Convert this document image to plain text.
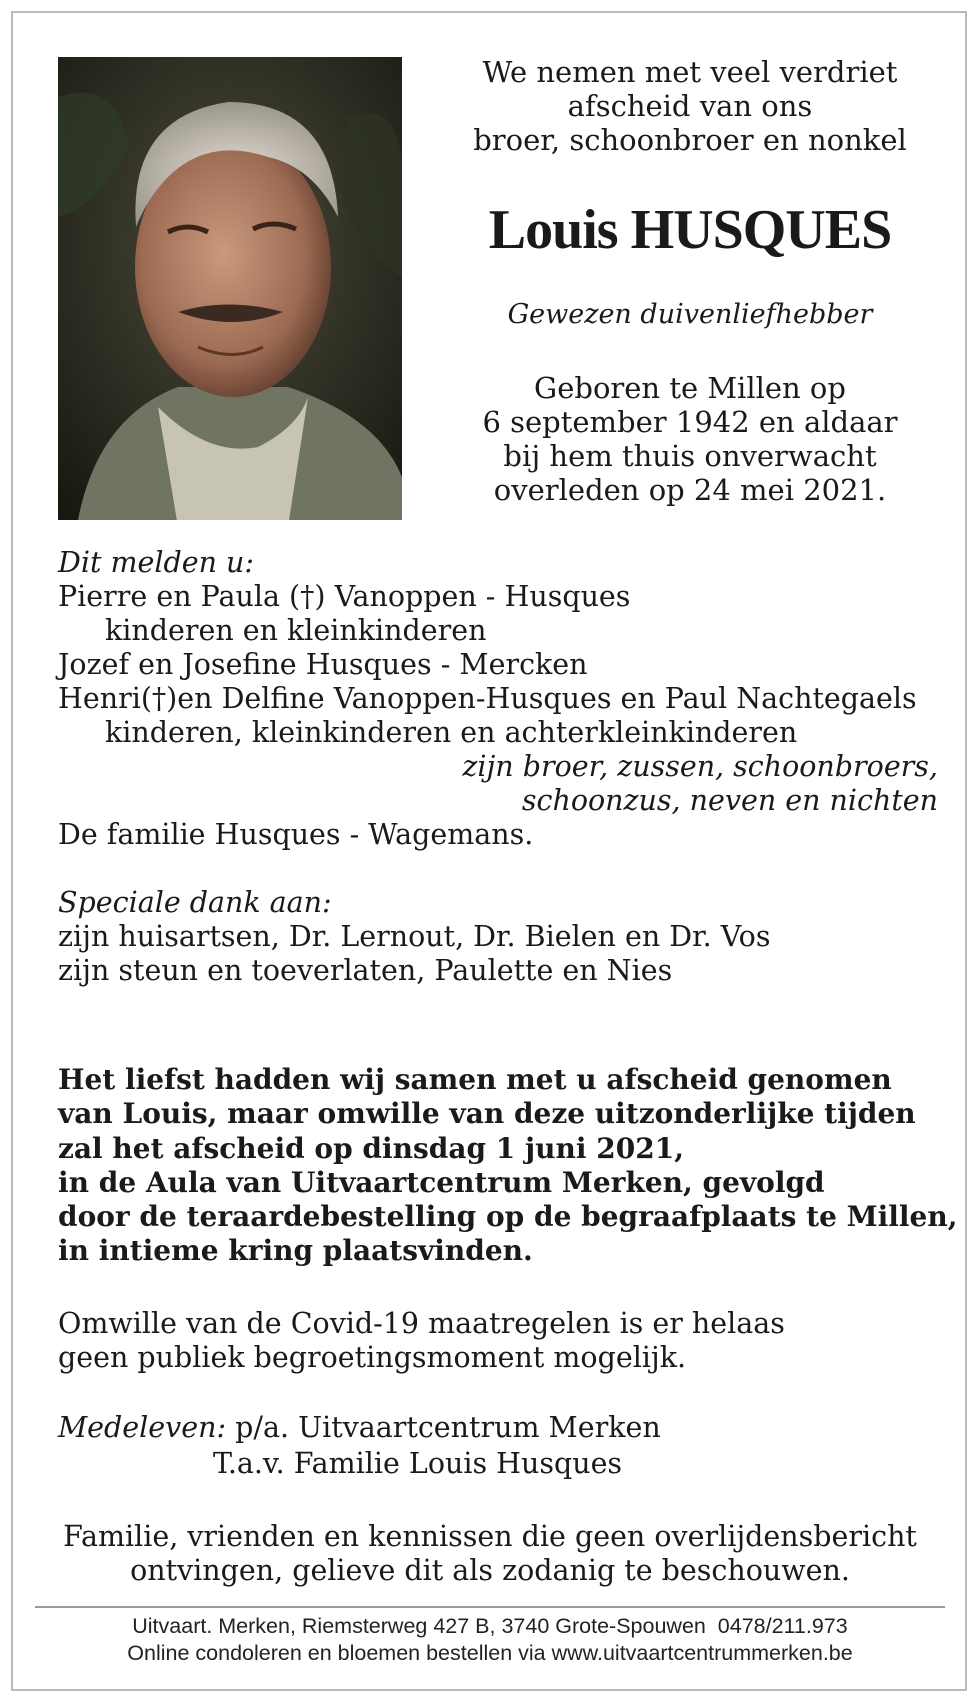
We nemen met veel verdriet
afscheid van ons
broer, schoonbroer en nonkel
Louis HUSQUES
Gewezen duivenliefhebber
Geboren te Millen op
6 september 1942 en aldaar
bij hem thuis onverwacht
overleden op 24 mei 2021.
Dit melden u:
Pierre en Paula (†) Vanoppen - Husques
kinderen en kleinkinderen
Jozef en Josefine Husques - Mercken
Henri(†)en Delfine Vanoppen-Husques en Paul Nachtegaels
kinderen, kleinkinderen en achterkleinkinderen
zijn broer, zussen, schoonbroers,
schoonzus, neven en nichten
De familie Husques - Wagemans.
Speciale dank aan:
zijn huisartsen, Dr. Lernout, Dr. Bielen en Dr. Vos
zijn steun en toeverlaten, Paulette en Nies
Het liefst hadden wij samen met u afscheid genomen
van Louis, maar omwille van deze uitzonderlijke tijden
zal het afscheid op dinsdag 1 juni 2021,
in de Aula van Uitvaartcentrum Merken, gevolgd
door de teraardebestelling op de begraafplaats te Millen,
in intieme kring plaatsvinden.
Omwille van de Covid-19 maatregelen is er helaas
geen publiek begroetingsmoment mogelijk.
Medeleven: p/a. Uitvaartcentrum Merken
T.a.v. Familie Louis Husques
Familie, vrienden en kennissen die geen overlijdensbericht
ontvingen, gelieve dit als zodanig te beschouwen.
Uitvaart. Merken, Riemsterweg 427 B, 3740 Grote-Spouwen  0478/211.973
Online condoleren en bloemen bestellen via www.uitvaartcentrummerken.be
